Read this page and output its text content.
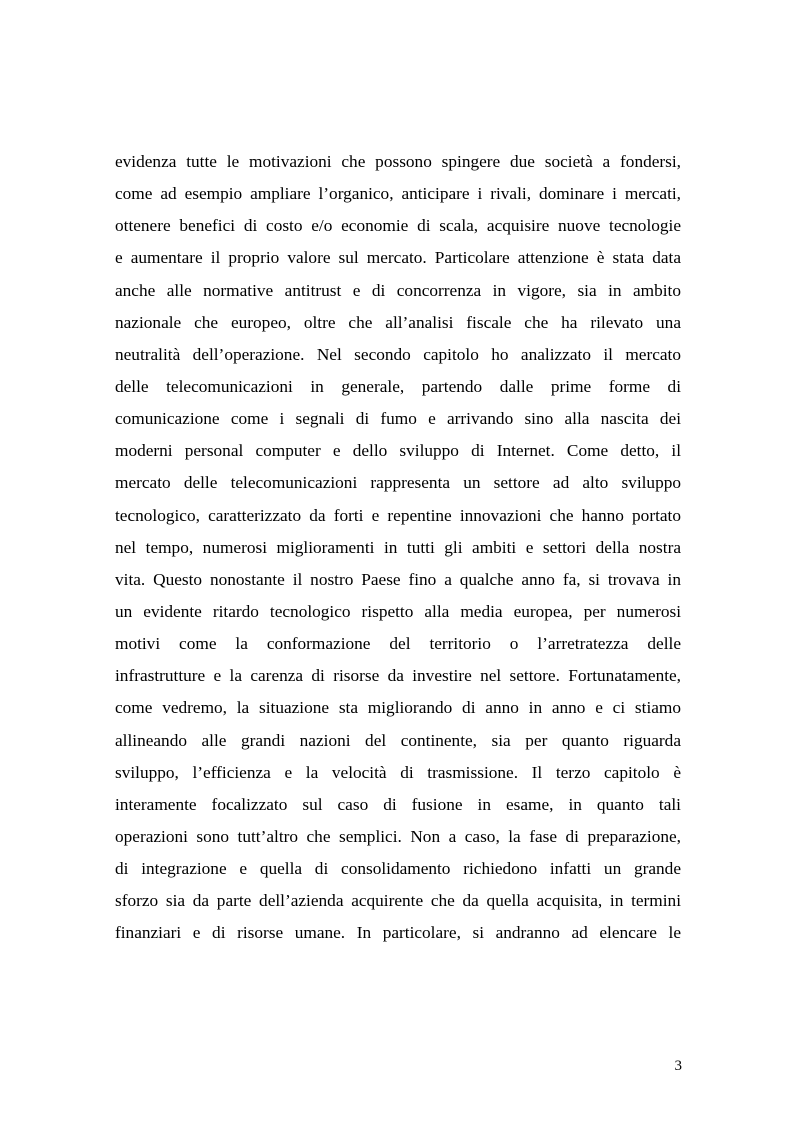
evidenza tutte le motivazioni che possono spingere due società a fondersi,
come ad esempio ampliare l’organico, anticipare i rivali, dominare i mercati,
ottenere benefici di costo e/o economie di scala, acquisire nuove tecnologie
e aumentare il proprio valore sul mercato. Particolare attenzione è stata data
anche alle normative antitrust e di concorrenza in vigore, sia in ambito
nazionale che europeo, oltre che all’analisi fiscale che ha rilevato una
neutralità dell’operazione. Nel secondo capitolo ho analizzato il mercato
delle telecomunicazioni in generale, partendo dalle prime forme di
comunicazione come i segnali di fumo e arrivando sino alla nascita dei
moderni personal computer e dello sviluppo di Internet. Come detto, il
mercato delle telecomunicazioni rappresenta un settore ad alto sviluppo
tecnologico, caratterizzato da forti e repentine innovazioni che hanno portato
nel tempo, numerosi miglioramenti in tutti gli ambiti e settori della nostra
vita. Questo nonostante il nostro Paese fino a qualche anno fa, si trovava in
un evidente ritardo tecnologico rispetto alla media europea, per numerosi
motivi come la conformazione del territorio o l’arretratezza delle
infrastrutture e la carenza di risorse da investire nel settore. Fortunatamente,
come vedremo, la situazione sta migliorando di anno in anno e ci stiamo
allineando alle grandi nazioni del continente, sia per quanto riguarda
sviluppo, l’efficienza e la velocità di trasmissione. Il terzo capitolo è
interamente focalizzato sul caso di fusione in esame, in quanto tali
operazioni sono tutt’altro che semplici. Non a caso, la fase di preparazione,
di integrazione e quella di consolidamento richiedono infatti un grande
sforzo sia da parte dell’azienda acquirente che da quella acquisita, in termini
finanziari e di risorse umane. In particolare, si andranno ad elencare le
3
